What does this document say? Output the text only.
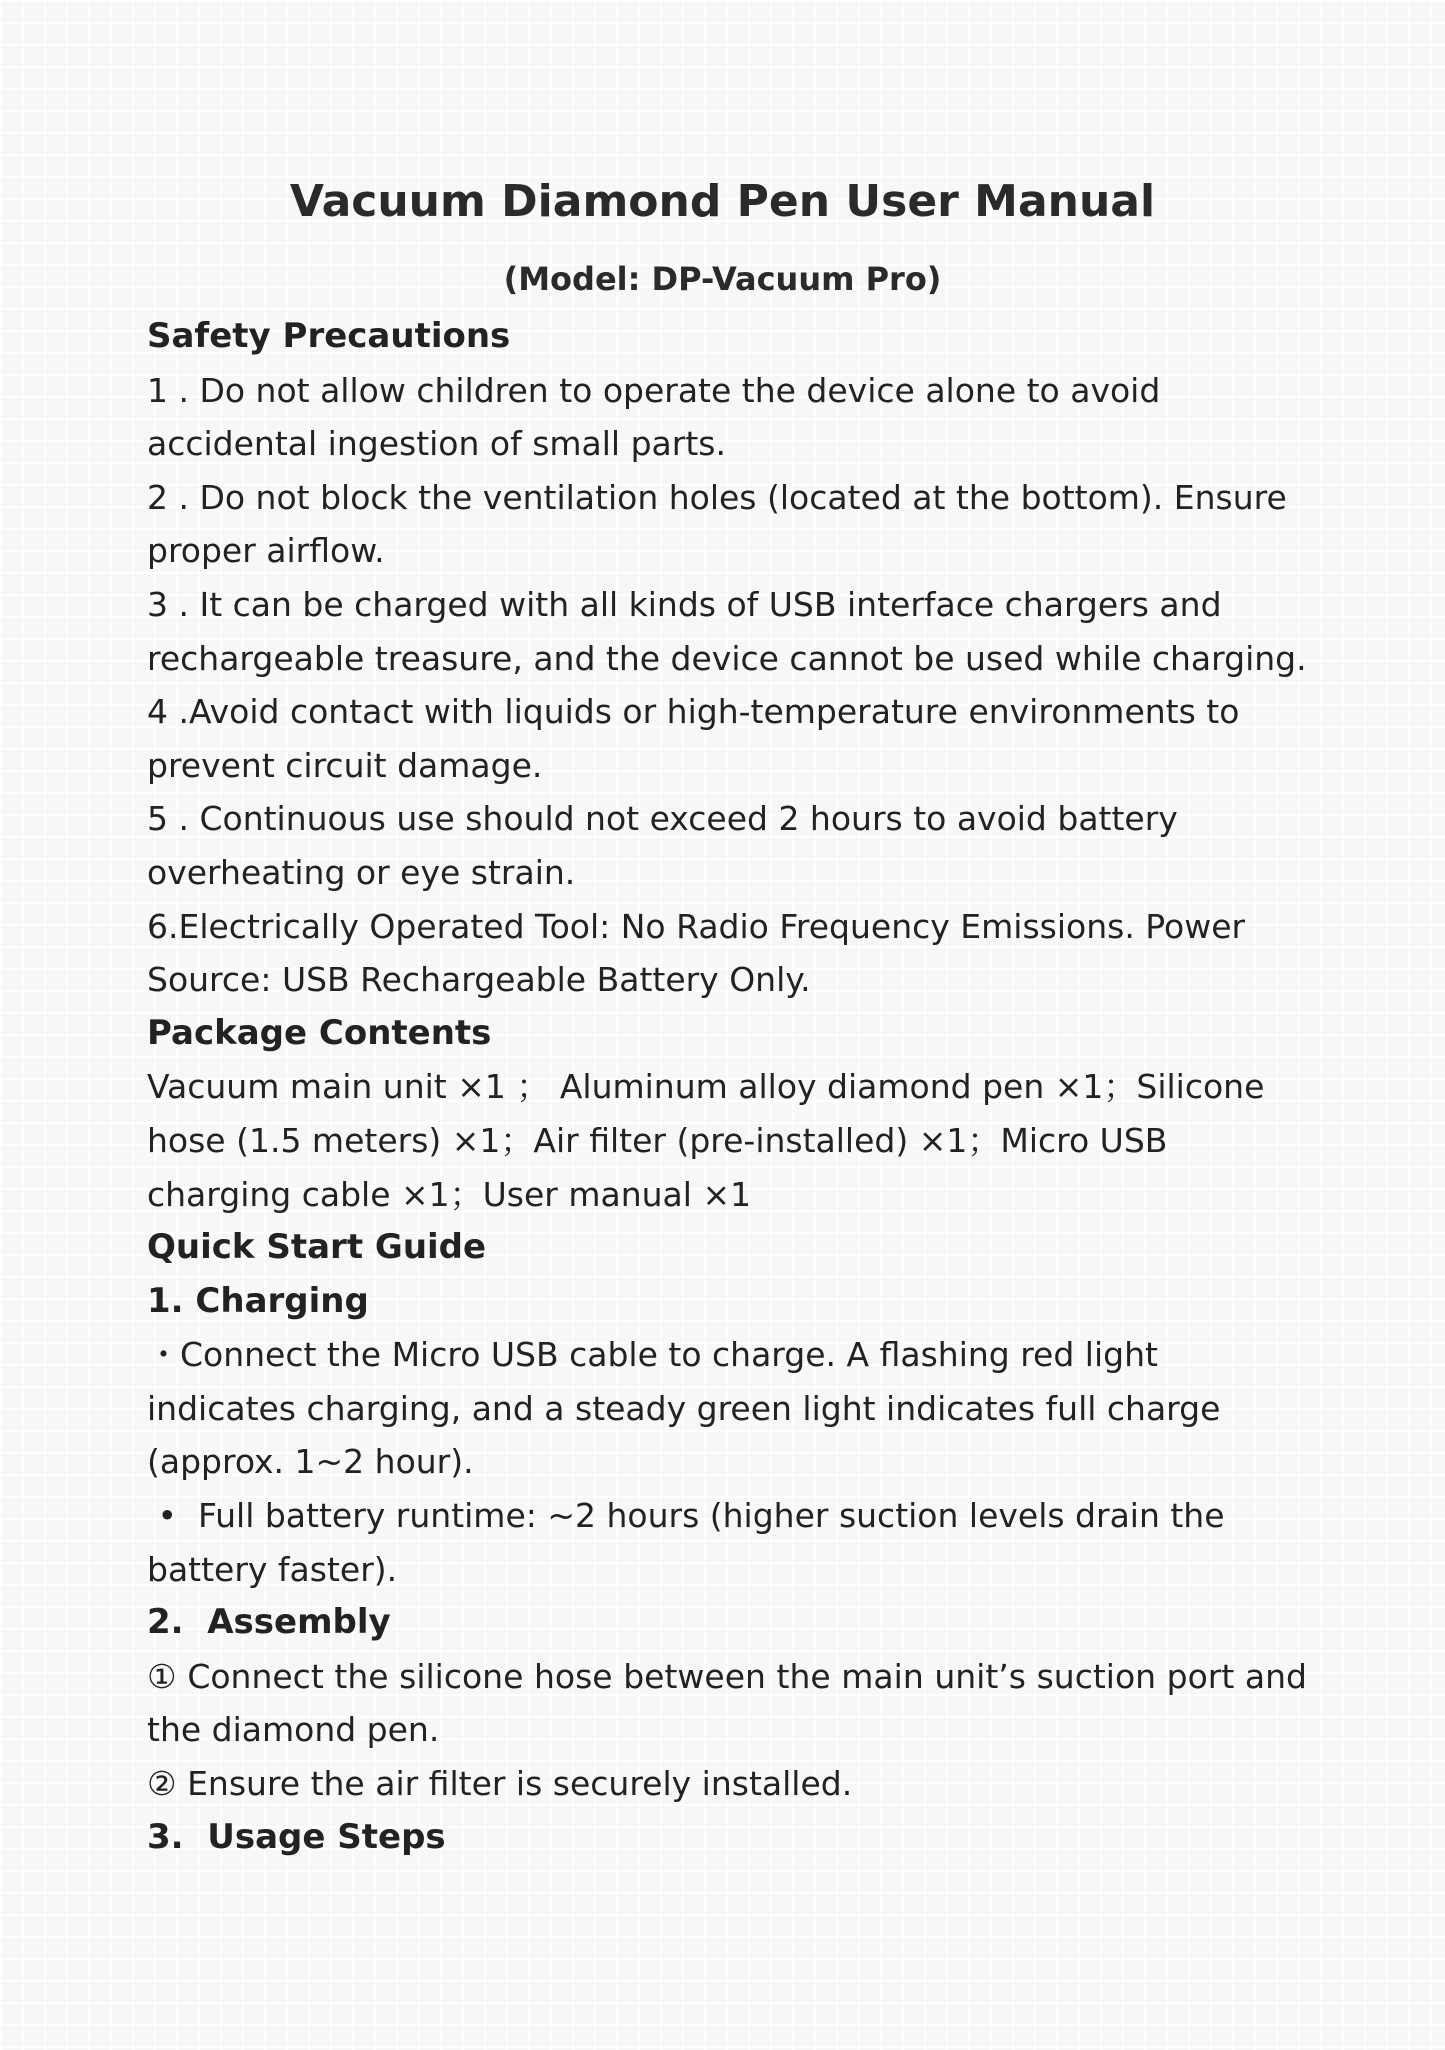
Vacuum Diamond Pen User Manual
(Model: DP-Vacuum Pro)

Safety Precautions

1 . Do not allow children to operate the device alone to avoid accidental ingestion of small parts.

2 . Do not block the ventilation holes (located at the bottom). Ensure proper airflow.

3 . It can be charged with all kinds of USB interface chargers and rechargeable treasure, and the device cannot be used while charging.

4 .Avoid contact with liquids or high-temperature environments to prevent circuit damage.

5 . Continuous use should not exceed 2 hours to avoid battery overheating or eye strain.

6.Electrically Operated Tool: No Radio Frequency Emissions. Power Source: USB Rechargeable Battery Only.

Package Contents

Vacuum main unit ×1 ； Aluminum alloy diamond pen ×1；Silicone hose (1.5 meters) ×1；Air filter (pre-installed) ×1；Micro USB charging cable ×1；User manual ×1

Quick Start Guide

1. Charging

・Connect the Micro USB cable to charge. A flashing red light indicates charging, and a steady green light indicates full charge (approx. 1~2 hour).

•  Full battery runtime: ~2 hours (higher suction levels drain the battery faster).

2.  Assembly

① Connect the silicone hose between the main unit’s suction port and the diamond pen.

② Ensure the air filter is securely installed.

3.  Usage Steps
